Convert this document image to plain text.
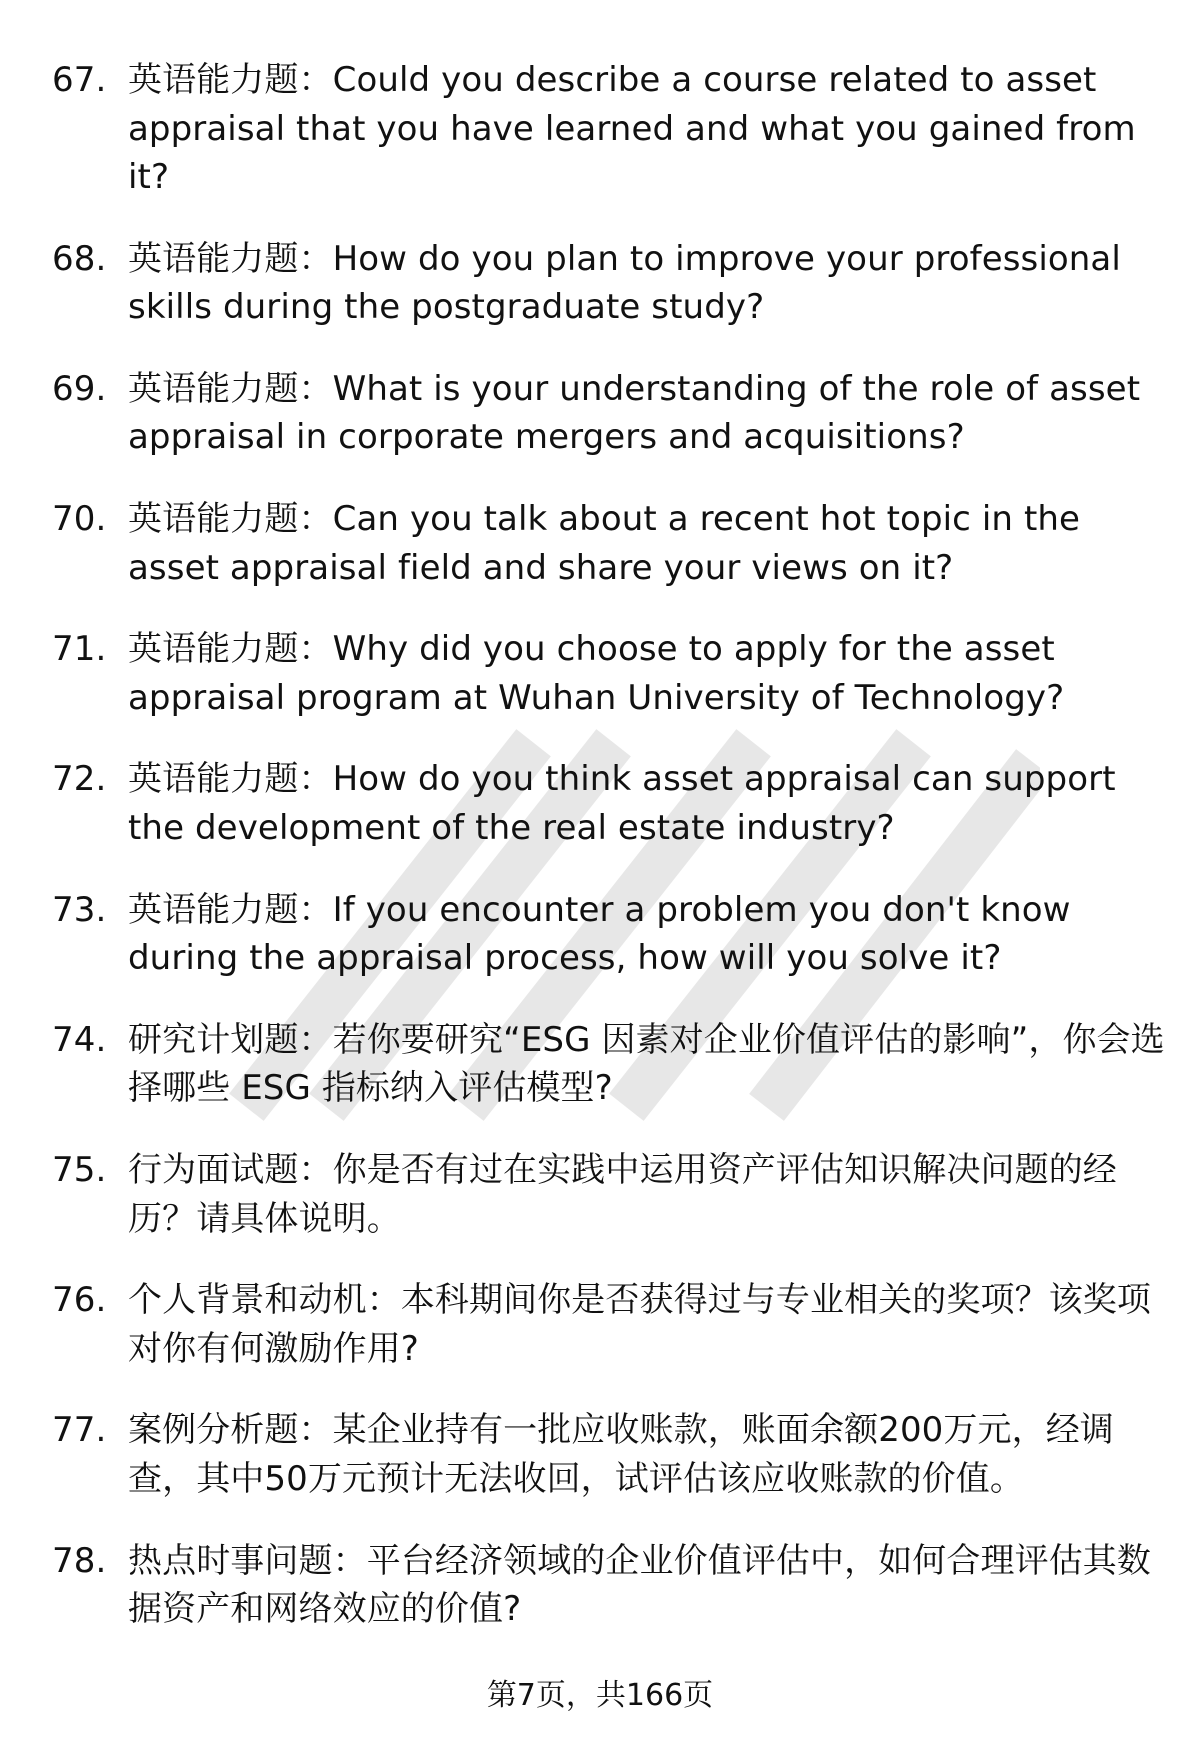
67. 英语能力题：Could you describe a course related to asset appraisal that you have learned and what you gained from it?
68. 英语能力题：How do you plan to improve your professional skills during the postgraduate study?
69. 英语能力题：What is your understanding of the role of asset appraisal in corporate mergers and acquisitions?
70. 英语能力题：Can you talk about a recent hot topic in the asset appraisal field and share your views on it?
71. 英语能力题：Why did you choose to apply for the asset appraisal program at Wuhan University of Technology?
72. 英语能力题：How do you think asset appraisal can support the development of the real estate industry?
73. 英语能力题：If you encounter a problem you don't know during the appraisal process, how will you solve it?
74. 研究计划题：若你要研究“ESG 因素对企业价值评估的影响”，你会选择哪些 ESG 指标纳入评估模型?
75. 行为面试题：你是否有过在实践中运用资产评估知识解决问题的经历？请具体说明。
76. 个人背景和动机：本科期间你是否获得过与专业相关的奖项？该奖项对你有何激励作用?
77. 案例分析题：某企业持有一批应收账款，账面余额200万元，经调查，其中50万元预计无法收回，试评估该应收账款的价值。
78. 热点时事问题：平台经济领域的企业价值评估中，如何合理评估其数据资产和网络效应的价值?
第7页，共166页
